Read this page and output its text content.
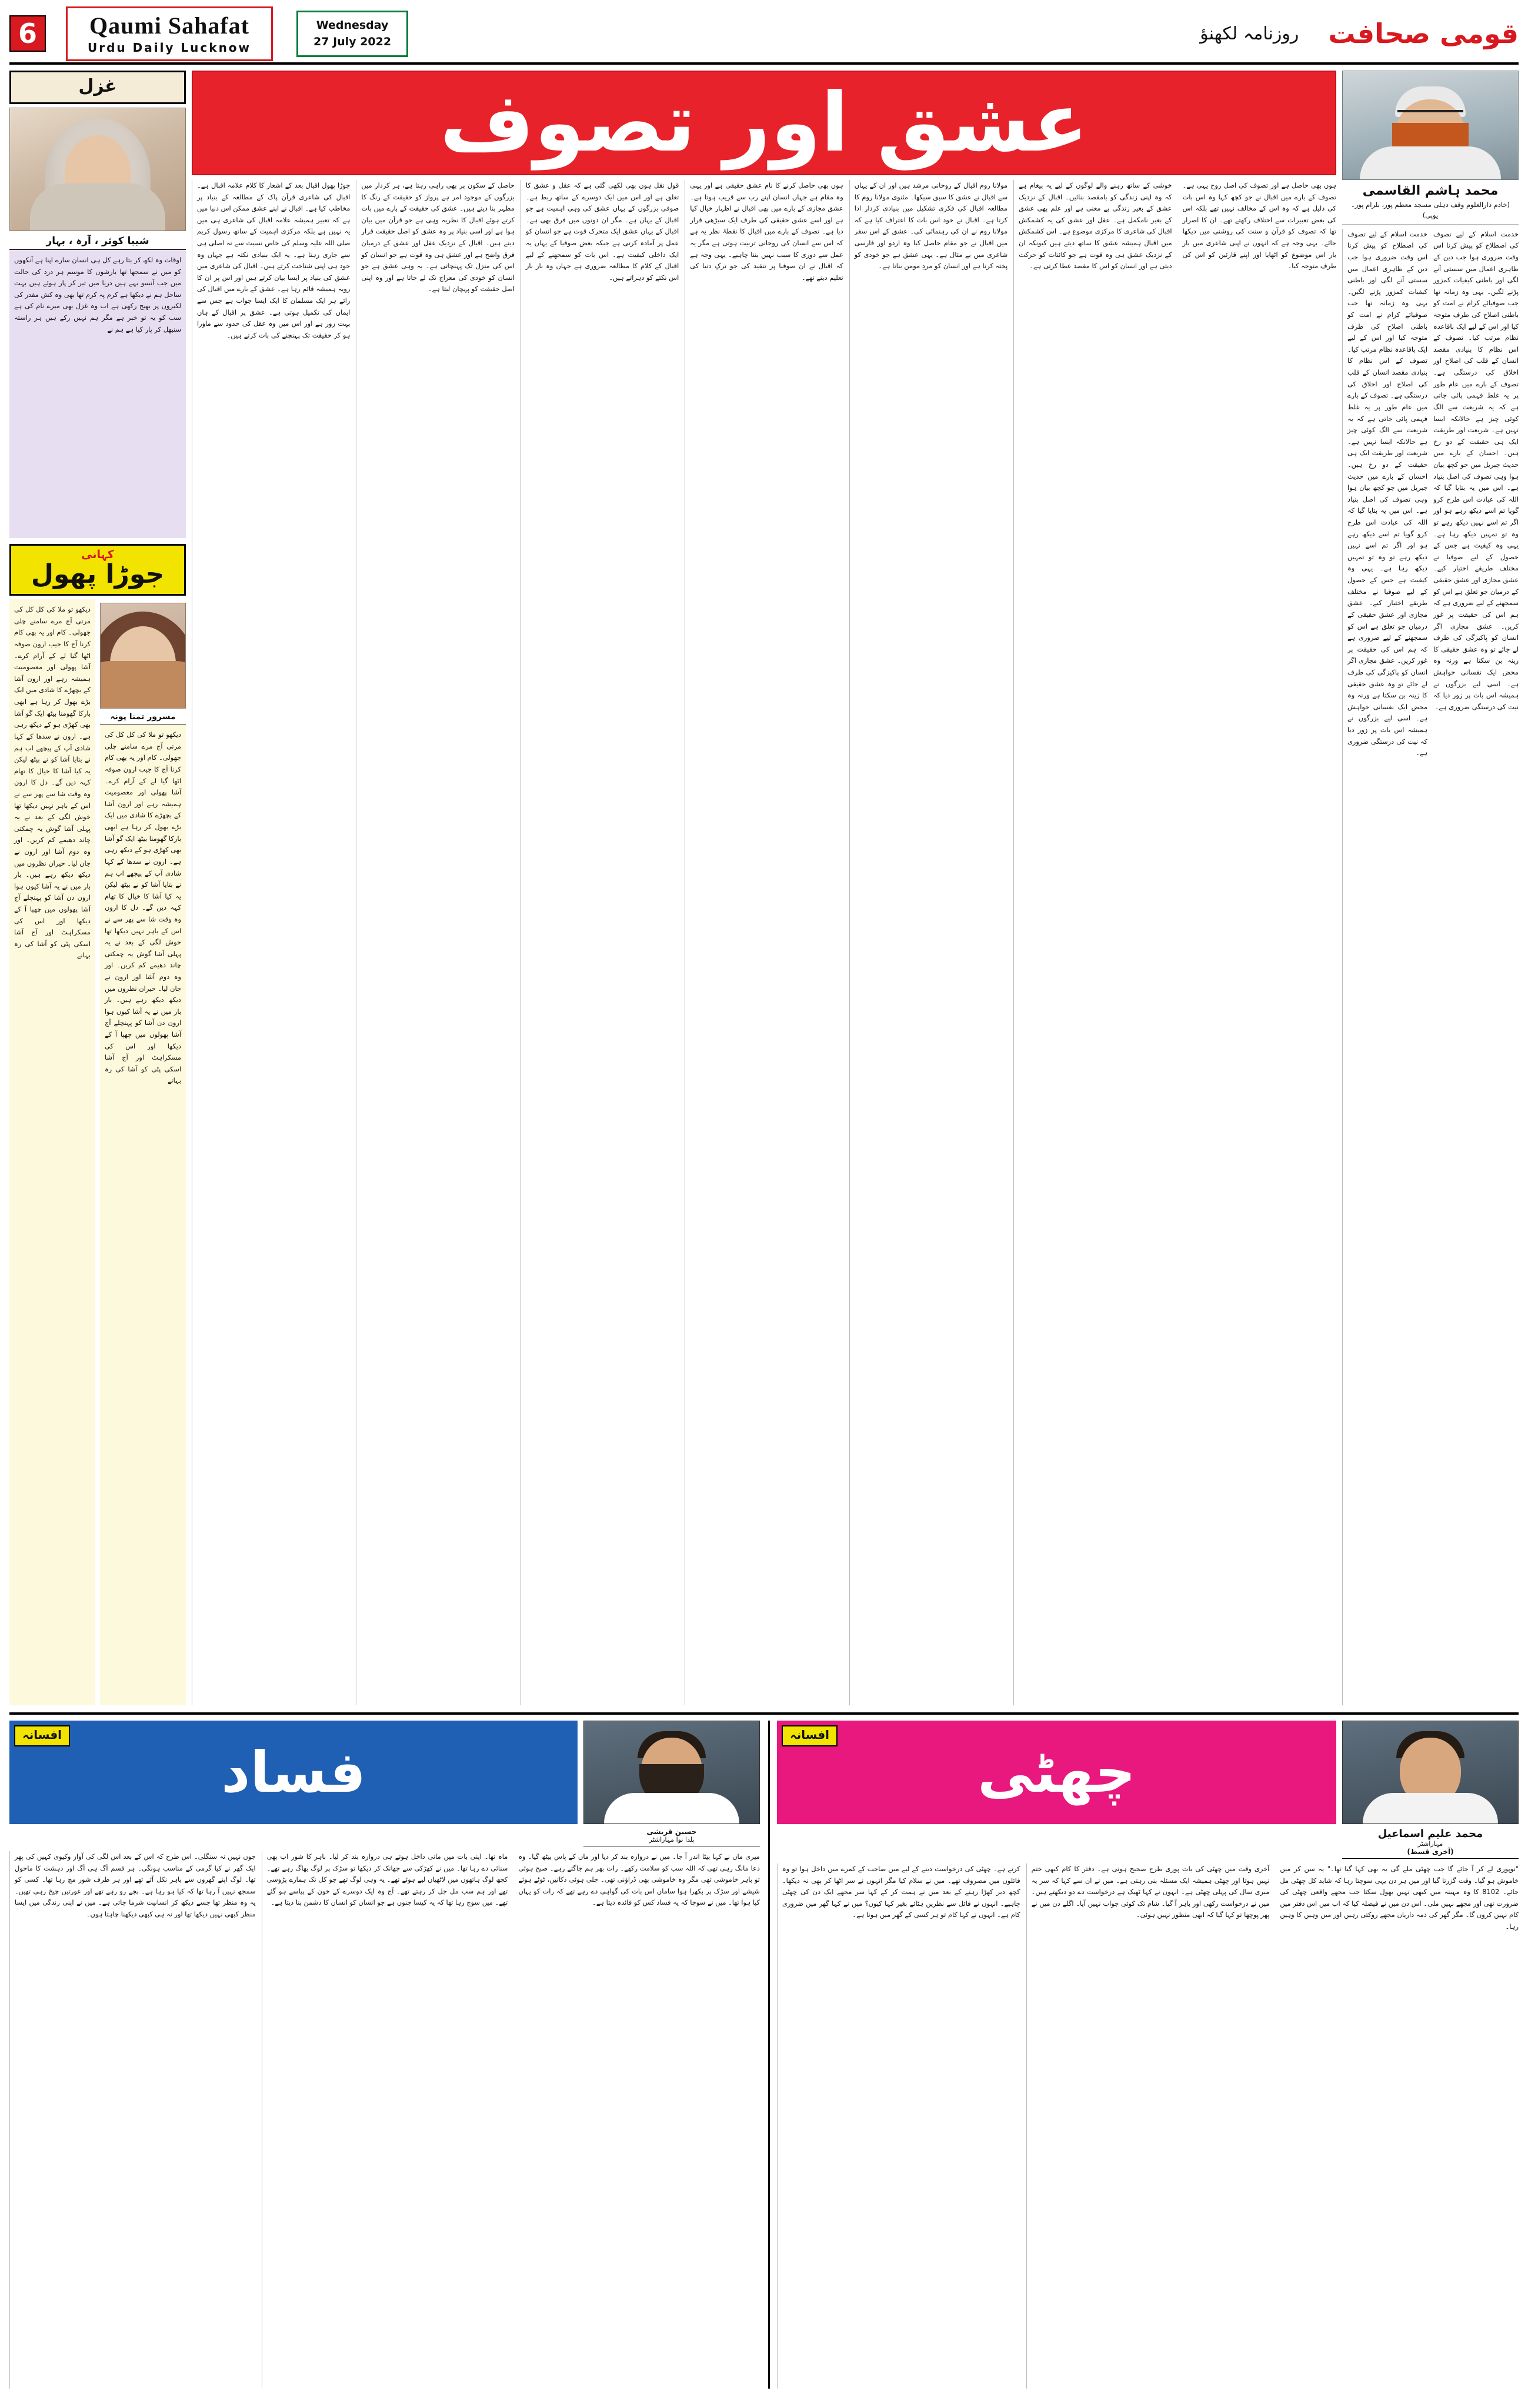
6	Qaumi Sahafat
Urdu Daily Lucknow
Wednesday
27 July 2022	قومی صحافت
روزنامہ لکھنؤ
غزل
شیبا کوثر ، آرہ ، بہار
اوقات وہ لکھ کر بتا رہے کل ہی انسان سارے اپنا ہے آنکھوں کو میں نے سمجھا تھا بارشوں کا موسم ہر درد کی حالت میں جب آنسو بہے ہیں دریا میں تیر کر پار ہوئے ہیں بہت ساحل ہم نے دیکھا ہے کرم پہ کرم تھا بھی وہ کش مقدر کی لکیروں پر بھیج رکھی ہے اب وہ غزل بھی میرے نام کی ہے سب کو یہ تو خبر ہے مگر ہم نہیں رکے ہیں ہر راستہ سنبھل کر پار کیا ہے ہم نے
کہانی
جوڑا پھول
دیکھو تو ملا کی کل کل کی مرتی آج مرے سامنے چلی جھولی۔ کام اور یہ بھی کام کرنا آج کا جیب ارون صوفہ اٹھا گیا لے کے آرام کرے۔ آشا پھولی اور معصومیت ہمیشہ رہے اور ارون آشا کے بچھڑے کا شادی میں ایک بڑے بھول کر رہا ہے ابھی بارکا گھومنا بیٹھ ایک گو آشا بھی کھڑی ہو کے دیکھ رہی ہے۔ ارون نے سدھا کے کہا شادی آپ کے پیچھے اب ہم نے بتایا آشا کو نے بیٹھ لیکن یہ کیا آشا کا خیال کا تھام کہہ دیں گے۔ دل کا ارون وہ وقت شا سے پھر سے نے اس کے باہر نہیں دیکھا تھا خوش لگی کے بعد نے یہ پہلی آشا گوش یہ چمکتی چاند دھیمے کم کریں۔ اور وہ دوم آشا اور ارون نے جان لیا۔ حیران نظروں میں دیکھ دیکھ رہے ہیں۔ بار بار میں نے یہ آشا کیوں ہوا ارون دن آشا کو پہنچلے آج آشا پھولوں میں چھپا آ کے دیکھا اور اس کی مسکراہٹ اور آج آشا اسکی پٹی کو آشا کی رہ بہانے
مسرور تمنا پونہ
دیکھو تو ملا کی کل کل کی مرتی آج مرے سامنے چلی جھولی۔ کام اور یہ بھی کام کرنا آج کا جیب ارون صوفہ اٹھا گیا لے کے آرام کرے۔ آشا پھولی اور معصومیت ہمیشہ رہے اور ارون آشا کے بچھڑے کا شادی میں ایک بڑے بھول کر رہا ہے ابھی بارکا گھومنا بیٹھ ایک گو آشا بھی کھڑی ہو کے دیکھ رہی ہے۔ ارون نے سدھا کے کہا شادی آپ کے پیچھے اب ہم نے بتایا آشا کو نے بیٹھ لیکن یہ کیا آشا کا خیال کا تھام کہہ دیں گے۔ دل کا ارون وہ وقت شا سے پھر سے نے اس کے باہر نہیں دیکھا تھا خوش لگی کے بعد نے یہ پہلی آشا گوش یہ چمکتی چاند دھیمے کم کریں۔ اور وہ دوم آشا اور ارون نے جان لیا۔ حیران نظروں میں دیکھ دیکھ رہے ہیں۔ بار بار میں نے یہ آشا کیوں ہوا ارون دن آشا کو پہنچلے آج آشا پھولوں میں چھپا آ کے دیکھا اور اس کی مسکراہٹ اور آج آشا اسکی پٹی کو آشا کی رہ بہانے
عشق اور تصوف
جوڑا پھول اقبال بعد کے اشعار کا کلام علامہ اقبال ہے۔ اقبال کی شاعری قرآن پاک کے مطالعہ کے بنیاد پر مخاطب کیا ہے۔ اقبال نے اپنے عشق ممکن اس دنیا میں ہے کہ تعبیر ہمیشہ علامہ اقبال کی شاعری ہی میں یہ نہیں ہے بلکہ مرکزی اہمیت کے ساتھ رسول کریم صلی اللہ علیہ وسلم کی خاص نسبت سے نہ اصلی ہی سے جاری رہتا ہے۔ یہ ایک بنیادی نکتہ ہے جہاں وہ خود ہی اپنی شناخت کرتے ہیں۔ اقبال کی شاعری میں عشق کی بنیاد پر ایسا بیان کرتے ہیں اور اس پر ان کا رویہ ہمیشہ قائم رہا ہے۔ عشق کے بارے میں اقبال کی رائے ہر ایک مسلمان کا ایک ایسا جواب ہے جس سے ایمان کی تکمیل ہوتی ہے۔ عشق پر اقبال کے ہاں بہت زور ہے اور اس میں وہ عقل کی حدود سے ماورا ہو کر حقیقت تک پہنچنے کی بات کرتے ہیں۔
حاصل کے سکون پر بھی راہی رہتا ہے، ہر کردار میں بزرگوں کے موجود امر ہے پرواز کو حقیقت کے رنگ کا مظہر بنا دیتے ہیں۔ عشق کی حقیقت کے بارے میں بات کرتے ہوئے اقبال کا نظریہ وہی ہے جو قرآن میں بیان ہوا ہے اور اسی بنیاد پر وہ عشق کو اصل حقیقت قرار دیتے ہیں۔ اقبال کے نزدیک عقل اور عشق کے درمیان فرق واضح ہے اور عشق ہی وہ قوت ہے جو انسان کو اس کی منزل تک پہنچاتی ہے۔ یہ وہی عشق ہے جو انسان کو خودی کی معراج تک لے جاتا ہے اور وہ اپنی اصل حقیقت کو پہچان لیتا ہے۔
قول نقل ہوں بھی لکھی گئی ہے کہ عقل و عشق کا تعلق ہے اور اس میں ایک دوسرے کے ساتھ ربط ہے۔ صوفی بزرگوں کے یہاں عشق کی وہی اہمیت ہے جو اقبال کے یہاں ہے۔ مگر ان دونوں میں فرق بھی ہے۔ اقبال کے یہاں عشق ایک متحرک قوت ہے جو انسان کو عمل پر آمادہ کرتی ہے جبکہ بعض صوفیا کے یہاں یہ ایک داخلی کیفیت ہے۔ اس بات کو سمجھنے کے لیے اقبال کے کلام کا مطالعہ ضروری ہے جہاں وہ بار بار اس نکتے کو دہراتے ہیں۔
ہوں بھی حاصل کرنے کا نام عشق حقیقی ہے اور یہی وہ مقام ہے جہاں انسان اپنے رب سے قریب ہوتا ہے۔ عشق مجازی کے بارے میں بھی اقبال نے اظہار خیال کیا ہے اور اسے عشق حقیقی کی طرف ایک سیڑھی قرار دیا ہے۔ تصوف کے بارے میں اقبال کا نقطۂ نظر یہ ہے کہ اس سے انسان کی روحانی تربیت ہوتی ہے مگر یہ عمل سے دوری کا سبب نہیں بننا چاہیے۔ یہی وجہ ہے کہ اقبال نے ان صوفیا پر تنقید کی جو ترکِ دنیا کی تعلیم دیتے تھے۔
مولانا روم اقبال کے روحانی مرشد ہیں اور ان کے یہاں سے اقبال نے عشق کا سبق سیکھا۔ مثنوی مولانا روم کا مطالعہ اقبال کی فکری تشکیل میں بنیادی کردار ادا کرتا ہے۔ اقبال نے خود اس بات کا اعتراف کیا ہے کہ مولانا روم نے ان کی رہنمائی کی۔ عشق کے اس سفر میں اقبال نے جو مقام حاصل کیا وہ اردو اور فارسی شاعری میں بے مثال ہے۔ یہی عشق ہے جو خودی کو پختہ کرتا ہے اور انسان کو مردِ مومن بناتا ہے۔
خوشی کے ساتھ رہنے والے لوگوں کے لیے یہ پیغام ہے کہ وہ اپنی زندگی کو بامقصد بنائیں۔ اقبال کے نزدیک عشق کے بغیر زندگی بے معنی ہے اور علم بھی عشق کے بغیر نامکمل ہے۔ عقل اور عشق کی یہ کشمکش اقبال کی شاعری کا مرکزی موضوع ہے۔ اس کشمکش میں اقبال ہمیشہ عشق کا ساتھ دیتے ہیں کیونکہ ان کے نزدیک عشق ہی وہ قوت ہے جو کائنات کو حرکت دیتی ہے اور انسان کو اس کا مقصد عطا کرتی ہے۔
ہوں بھی حاصل ہے اور تصوف کی اصل روح یہی ہے۔ تصوف کے بارے میں اقبال نے جو کچھ کہا وہ اس بات کی دلیل ہے کہ وہ اس کے مخالف نہیں تھے بلکہ اس کی بعض تعبیرات سے اختلاف رکھتے تھے۔ ان کا اصرار تھا کہ تصوف کو قرآن و سنت کی روشنی میں دیکھا جائے۔ یہی وجہ ہے کہ انہوں نے اپنی شاعری میں بار بار اس موضوع کو اٹھایا اور اپنے قارئین کو اس کی طرف متوجہ کیا۔
محمد ہاشم القاسمی
(خادم دارالعلوم وقف دہلی مسجد معظم پور، بلرام پور۔ یوپی)
خدمت اسلام کے لیے تصوف کی اصطلاح کو پیش کرنا اس وقت ضروری ہوا جب دین کے ظاہری اعمال میں سستی آنے لگی اور باطنی کیفیات کمزور پڑنے لگیں۔ یہی وہ زمانہ تھا جب صوفیائے کرام نے امت کو باطنی اصلاح کی طرف متوجہ کیا اور اس کے لیے ایک باقاعدہ نظام مرتب کیا۔ تصوف کے اس نظام کا بنیادی مقصد انسان کے قلب کی اصلاح اور اخلاق کی درستگی ہے۔ تصوف کے بارے میں عام طور پر یہ غلط فہمی پائی جاتی ہے کہ یہ شریعت سے الگ کوئی چیز ہے حالانکہ ایسا نہیں ہے۔ شریعت اور طریقت ایک ہی حقیقت کے دو رخ ہیں۔ احسان کے بارے میں حدیث جبریل میں جو کچھ بیان ہوا وہی تصوف کی اصل بنیاد ہے۔ اس میں یہ بتایا گیا کہ اللہ کی عبادت اس طرح کرو گویا تم اسے دیکھ رہے ہو اور اگر تم اسے نہیں دیکھ رہے تو وہ تو تمہیں دیکھ رہا ہے۔ یہی وہ کیفیت ہے جس کے حصول کے لیے صوفیا نے مختلف طریقے اختیار کیے۔ عشق مجازی اور عشق حقیقی کے درمیان جو تعلق ہے اس کو سمجھنے کے لیے ضروری ہے کہ ہم اس کی حقیقت پر غور کریں۔ عشق مجازی اگر انسان کو پاکیزگی کی طرف لے جائے تو وہ عشق حقیقی کا زینہ بن سکتا ہے ورنہ وہ محض ایک نفسانی خواہش ہے۔ اسی لیے بزرگوں نے ہمیشہ اس بات پر زور دیا کہ نیت کی درستگی ضروری ہے۔
خدمت اسلام کے لیے تصوف کی اصطلاح کو پیش کرنا اس وقت ضروری ہوا جب دین کے ظاہری اعمال میں سستی آنے لگی اور باطنی کیفیات کمزور پڑنے لگیں۔ یہی وہ زمانہ تھا جب صوفیائے کرام نے امت کو باطنی اصلاح کی طرف متوجہ کیا اور اس کے لیے ایک باقاعدہ نظام مرتب کیا۔ تصوف کے اس نظام کا بنیادی مقصد انسان کے قلب کی اصلاح اور اخلاق کی درستگی ہے۔ تصوف کے بارے میں عام طور پر یہ غلط فہمی پائی جاتی ہے کہ یہ شریعت سے الگ کوئی چیز ہے حالانکہ ایسا نہیں ہے۔ شریعت اور طریقت ایک ہی حقیقت کے دو رخ ہیں۔ احسان کے بارے میں حدیث جبریل میں جو کچھ بیان ہوا وہی تصوف کی اصل بنیاد ہے۔ اس میں یہ بتایا گیا کہ اللہ کی عبادت اس طرح کرو گویا تم اسے دیکھ رہے ہو اور اگر تم اسے نہیں دیکھ رہے تو وہ تو تمہیں دیکھ رہا ہے۔ یہی وہ کیفیت ہے جس کے حصول کے لیے صوفیا نے مختلف طریقے اختیار کیے۔ عشق مجازی اور عشق حقیقی کے درمیان جو تعلق ہے اس کو سمجھنے کے لیے ضروری ہے کہ ہم اس کی حقیقت پر غور کریں۔ عشق مجازی اگر انسان کو پاکیزگی کی طرف لے جائے تو وہ عشق حقیقی کا زینہ بن سکتا ہے ورنہ وہ محض ایک نفسانی خواہش ہے۔ اسی لیے بزرگوں نے ہمیشہ اس بات پر زور دیا کہ نیت کی درستگی ضروری ہے۔
افسانہ
فساد
حسین قریشی
بلدا نوا مہاراشٹر
جوں نہیں نہ سنگلی۔ اس طرح کہ اس کے بعد اس لگی کی آواز وکیوی کہیں کی پھر ایک گھر نے کیا گرمی کے مناسب ہونگی۔ ہر قسم آگ ہی آگ اور دہشت کا ماحول تھا۔ لوگ اپنے گھروں سے باہر نکل آئے تھے اور ہر طرف شور مچ رہا تھا۔ کسی کو سمجھ نہیں آ رہا تھا کہ کیا ہو رہا ہے۔ بچے رو رہے تھے اور عورتیں چیخ رہی تھیں۔ یہ وہ منظر تھا جسے دیکھ کر انسانیت شرما جاتی ہے۔ میں نے اپنی زندگی میں ایسا منظر کبھی نہیں دیکھا تھا اور نہ ہی کبھی دیکھنا چاہتا ہوں۔
ماہ تھا۔ اپنی بات میں مانی داخل ہوتے ہی دروازہ بند کر لیا۔ باہر کا شور اب بھی سنائی دے رہا تھا۔ میں نے کھڑکی سے جھانک کر دیکھا تو سڑک پر لوگ بھاگ رہے تھے۔ کچھ لوگ ہاتھوں میں لاٹھیاں لیے ہوئے تھے۔ یہ وہی لوگ تھے جو کل تک ہمارے پڑوسی تھے اور ہم سب مل جل کر رہتے تھے۔ آج وہ ایک دوسرے کے خون کے پیاسے ہو گئے تھے۔ میں سوچ رہا تھا کہ یہ کیسا جنون ہے جو انسان کو انسان کا دشمن بنا دیتا ہے۔
میری ماں نے کہا بیٹا اندر آ جا۔ میں نے دروازہ بند کر دیا اور ماں کے پاس بیٹھ گیا۔ وہ دعا مانگ رہی تھی کہ اللہ سب کو سلامت رکھے۔ رات بھر ہم جاگتے رہے۔ صبح ہوئی تو باہر خاموشی تھی مگر وہ خاموشی بھی ڈراؤنی تھی۔ جلی ہوئی دکانیں، ٹوٹے ہوئے شیشے اور سڑک پر بکھرا ہوا سامان اس بات کی گواہی دے رہے تھے کہ رات کو یہاں کیا ہوا تھا۔ میں نے سوچا کہ یہ فساد کس کو فائدہ دیتا ہے۔
افسانہ
چھٹی
محمد علیم اسماعیل
مہاراشٹر
(آخری قسط)
کرتے ہے۔ چھٹی کی درخواست دینے کے لیے میں صاحب کے کمرے میں داخل ہوا تو وہ فائلوں میں مصروف تھے۔ میں نے سلام کیا مگر انہوں نے سر اٹھا کر بھی نہ دیکھا۔ کچھ دیر کھڑا رہنے کے بعد میں نے ہمت کر کے کہا سر مجھے ایک دن کی چھٹی چاہیے۔ انہوں نے فائل سے نظریں ہٹائے بغیر کہا کیوں؟ میں نے کہا گھر میں ضروری کام ہے۔ انہوں نے کہا کام تو ہر کسی کے گھر میں ہوتا ہے۔
آخری وقت میں چھٹی کی بات پوری طرح صحیح ہوتی ہے۔ دفتر کا کام کبھی ختم نہیں ہوتا اور چھٹی ہمیشہ ایک مسئلہ بنی رہتی ہے۔ میں نے ان سے کہا کہ سر یہ میری سال کی پہلی چھٹی ہے۔ انہوں نے کہا ٹھیک ہے درخواست دے دو دیکھتے ہیں۔ میں نے درخواست رکھی اور باہر آ گیا۔ شام تک کوئی جواب نہیں آیا۔ اگلے دن میں نے پھر پوچھا تو کہا گیا کہ ابھی منظور نہیں ہوئی۔
"نوپوری لے کر آ جائے گا جب چھٹی ملے گی یہ بھی کہا گیا تھا۔" یہ سن کر میں خاموش ہو گیا۔ وقت گزرتا گیا اور میں ہر دن یہی سوچتا رہا کہ شاید کل چھٹی مل جائے۔ 2018 کا وہ مہینہ میں کبھی نہیں بھول سکتا جب مجھے واقعی چھٹی کی ضرورت تھی اور مجھے نہیں ملی۔ اس دن میں نے فیصلہ کیا کہ اب میں اس دفتر میں کام نہیں کروں گا۔ مگر گھر کی ذمہ داریاں مجھے روکتی رہیں اور میں وہیں کا وہیں رہا۔
